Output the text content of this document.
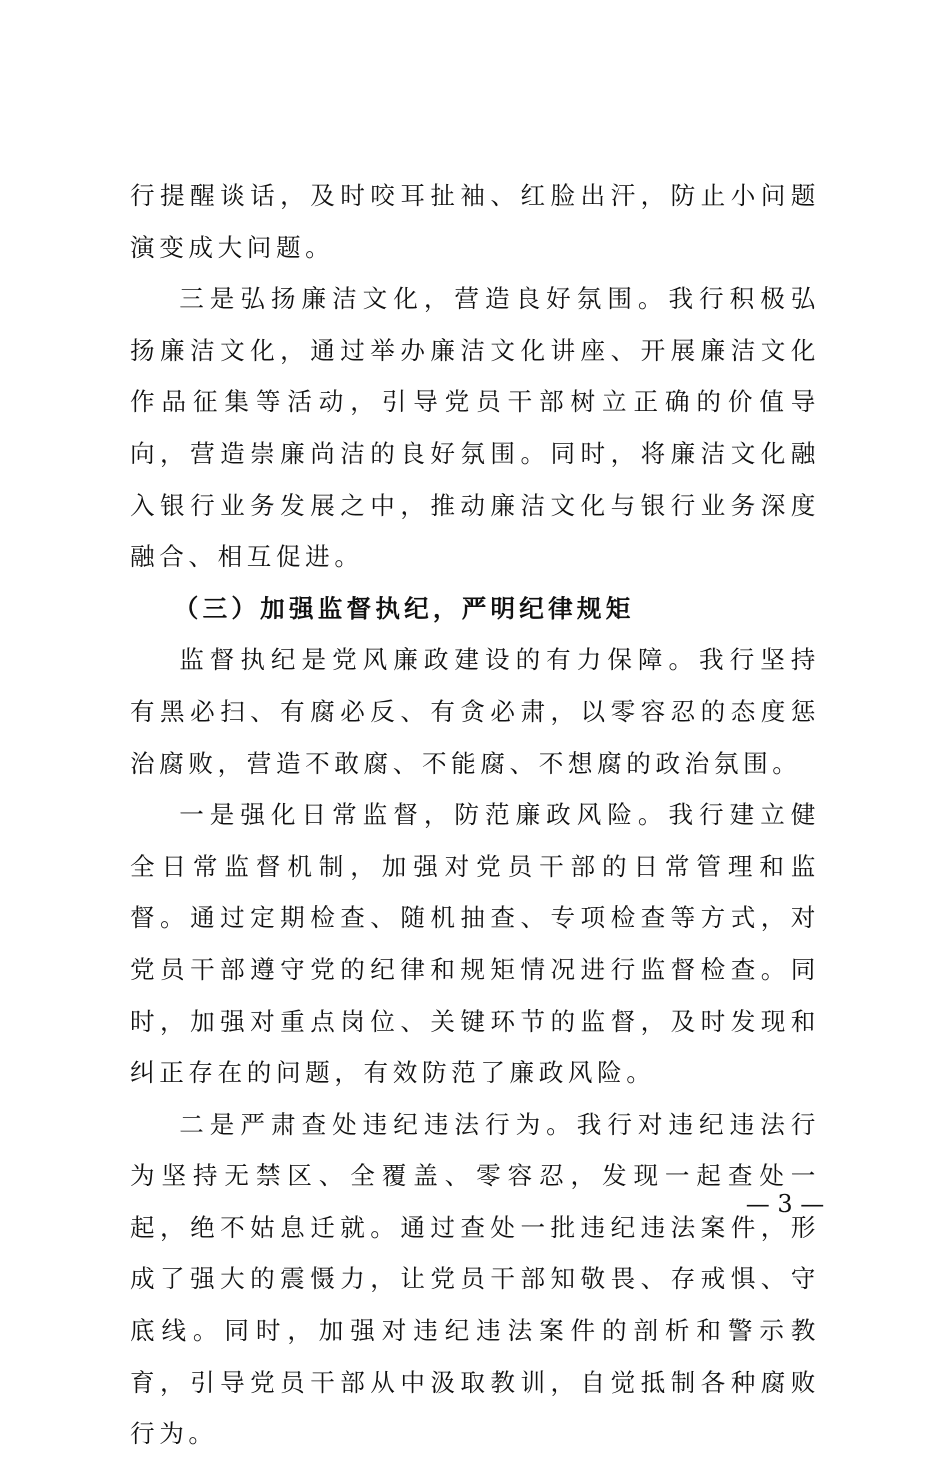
行提醒谈话，及时咬耳扯袖、红脸出汗，防止小问题演变成大问题。

三是弘扬廉洁文化，营造良好氛围。我行积极弘扬廉洁文化，通过举办廉洁文化讲座、开展廉洁文化作品征集等活动，引导党员干部树立正确的价值导向，营造崇廉尚洁的良好氛围。同时，将廉洁文化融入银行业务发展之中，推动廉洁文化与银行业务深度融合、相互促进。

（三）加强监督执纪，严明纪律规矩

监督执纪是党风廉政建设的有力保障。我行坚持有黑必扫、有腐必反、有贪必肃，以零容忍的态度惩治腐败，营造不敢腐、不能腐、不想腐的政治氛围。

一是强化日常监督，防范廉政风险。我行建立健全日常监督机制，加强对党员干部的日常管理和监督。通过定期检查、随机抽查、专项检查等方式，对党员干部遵守党的纪律和规矩情况进行监督检查。同时，加强对重点岗位、关键环节的监督，及时发现和纠正存在的问题，有效防范了廉政风险。

二是严肃查处违纪违法行为。我行对违纪违法行为坚持无禁区、全覆盖、零容忍，发现一起查处一起，绝不姑息迁就。通过查处一批违纪违法案件，形成了强大的震慑力，让党员干部知敬畏、存戒惧、守底线。同时，加强对违纪违法案件的剖析和警示教育，引导党员干部从中汲取教训，自觉抵制各种腐败行为。

— 3 —
